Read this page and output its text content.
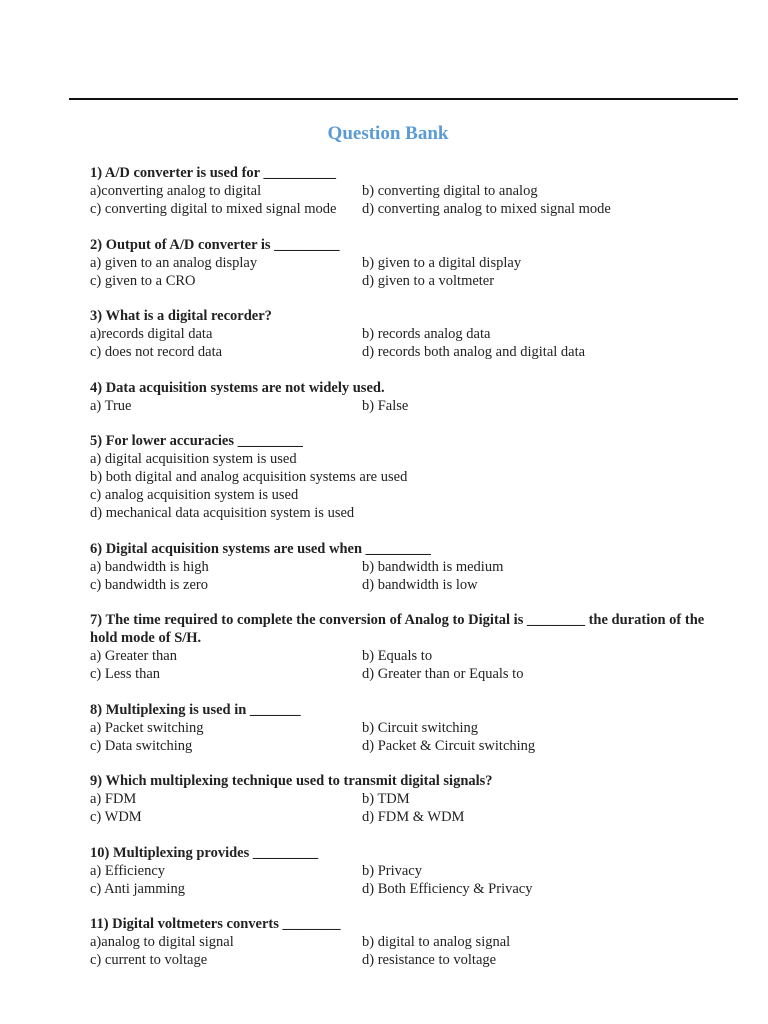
Question Bank
1) A/D converter is used for __________
a)converting analog to digital	b) converting digital to analog
c) converting digital to mixed signal mode	d) converting analog to mixed signal mode
2) Output of A/D converter is _________
a) given to an analog display	b) given to a digital display
c) given to a CRO	d) given to a voltmeter
3) What is a digital recorder?
a)records digital data	b) records analog data
c) does not record data	d) records both analog and digital data
4) Data acquisition systems are not widely used.
a) True	b) False
5) For lower accuracies _________
a) digital acquisition system is used
b) both digital and analog acquisition systems are used
c) analog acquisition system is used
d) mechanical data acquisition system is used
6) Digital acquisition systems are used when _________
a) bandwidth is high	b) bandwidth is medium
c) bandwidth is zero	d) bandwidth is low
7) The time required to complete the conversion of Analog to Digital is ________ the duration of the hold mode of S/H.
a) Greater than	b) Equals to
c) Less than	d) Greater than or Equals to
8) Multiplexing is used in _______
a) Packet switching	b) Circuit switching
c) Data switching	d) Packet & Circuit switching
9) Which multiplexing technique used to transmit digital signals?
a) FDM	b) TDM
c) WDM	d) FDM & WDM
10) Multiplexing provides _________
a) Efficiency	b) Privacy
c) Anti jamming	d) Both Efficiency & Privacy
11) Digital voltmeters converts ________
a)analog to digital signal	b) digital to analog signal
c) current to voltage	d) resistance to voltage
